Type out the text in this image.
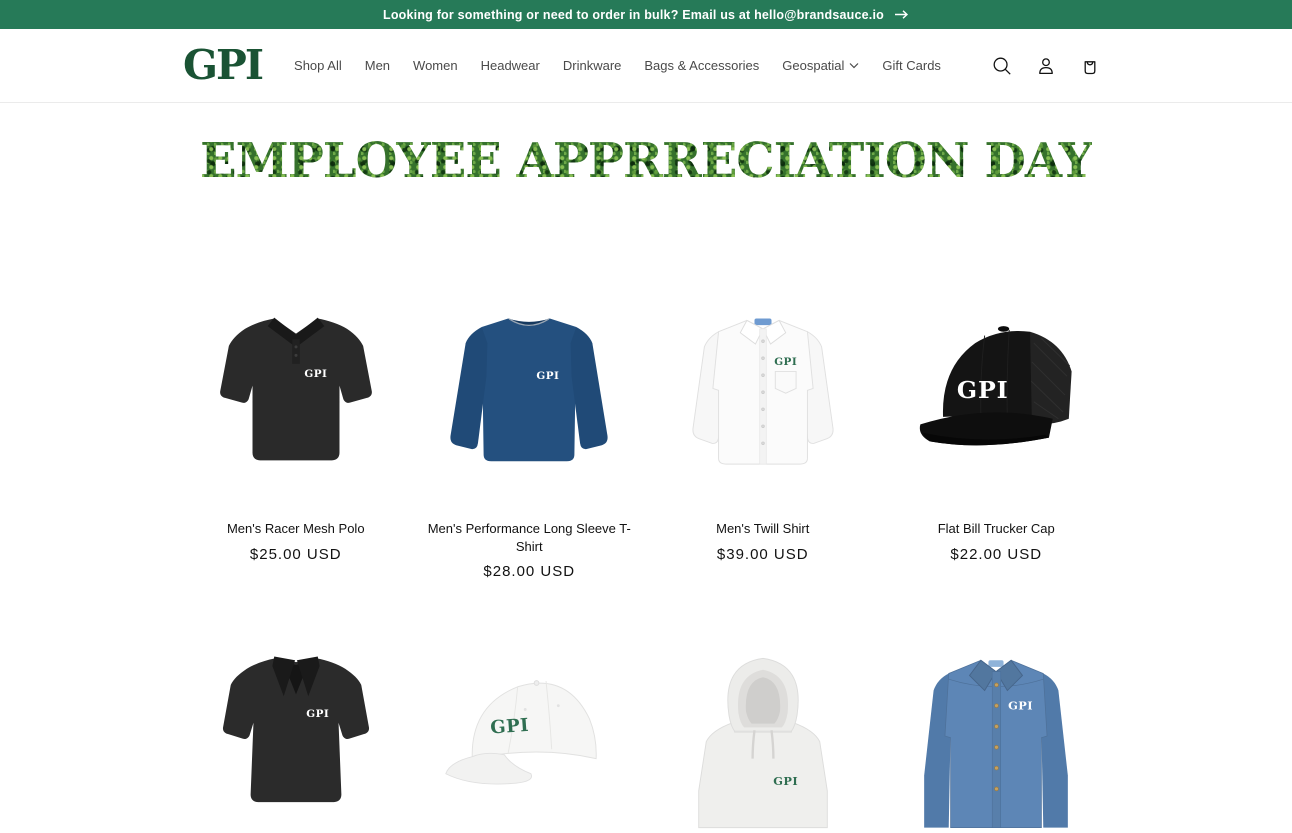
Looking for something or need to order in bulk? Email us at hello@brandsauce.io
GPI Shop All Men Women Headwear Drinkware Bags & Accessories Geospatial	Gift Cards
EMPLOYEE APPRRECIATION DAY
GPI
Men's Racer Mesh Polo
$25.00 USD
GPI
Men's Performance Long Sleeve T-Shirt
$28.00 USD
GPI
Men's Twill Shirt
$39.00 USD
GPI
Flat Bill Trucker Cap
$22.00 USD
GPI
GPI
GPI
GPI
